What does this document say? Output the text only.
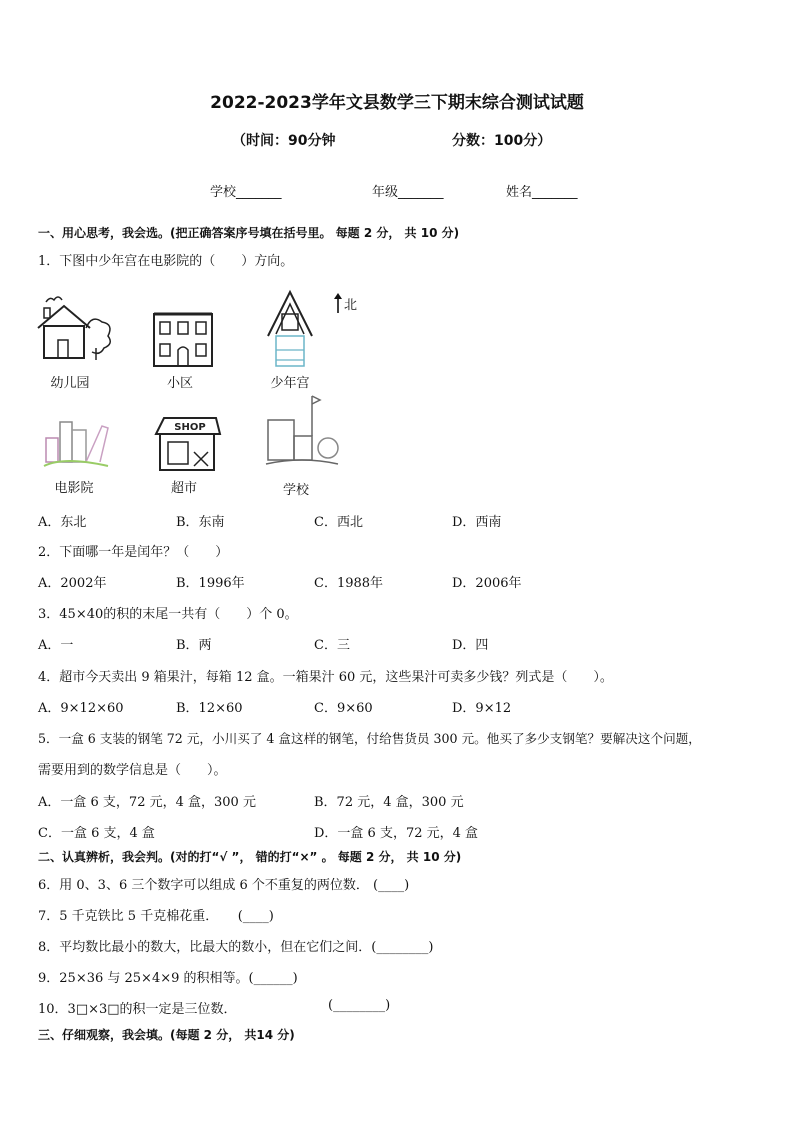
2022-2023学年文县数学三下期末综合测试试题
（时间：90分钟	分数：100分）
学校_______	年级_______	姓名_______
一、用心思考，我会选。(把正确答案序号填在括号里。 每题 2 分， 共 10 分)
1．下图中少年宫在电影院的（　　）方向。
幼儿园	小区	少年宫
北
电影院
SHOP
超市	学校
A．东北	B．东南	C．西北	D．西南
2．下面哪一年是闰年？（　　）
A．2002年	B．1996年	C．1988年	D．2006年
3．45×40的积的末尾一共有（　　）个 0。
A．一	B．两	C．三	D．四
4．超市今天卖出 9 箱果汁，每箱 12 盒。一箱果汁 60 元，这些果汁可卖多少钱？列式是（　　）。
A．9×12×60	B．12×60	C．9×60	D．9×12
5．一盒 6 支装的钢笔 72 元，小川买了 4 盒这样的钢笔，付给售货员 300 元。他买了多少支钢笔？要解决这个问题，
需要用到的数学信息是（　　）。
A．一盒 6 支，72 元，4 盒，300 元	B．72 元，4 盒，300 元
C．一盒 6 支，4 盒	D．一盒 6 支，72 元，4 盒
二、认真辨析，我会判。(对的打“√ ”， 错的打“×” 。 每题 2 分， 共 10 分)
6．用 0、3、6 三个数字可以组成 6 个不重复的两位数． (____)
7．5 千克铁比 5 千克棉花重．　　(____)
8．平均数比最小的数大，比最大的数小，但在它们之间．(________)
9．25×36 与 25×4×9 的积相等。(______)
10．3□×3□的积一定是三位数．	(________)
三、仔细观察，我会填。(每题 2 分， 共14 分)
